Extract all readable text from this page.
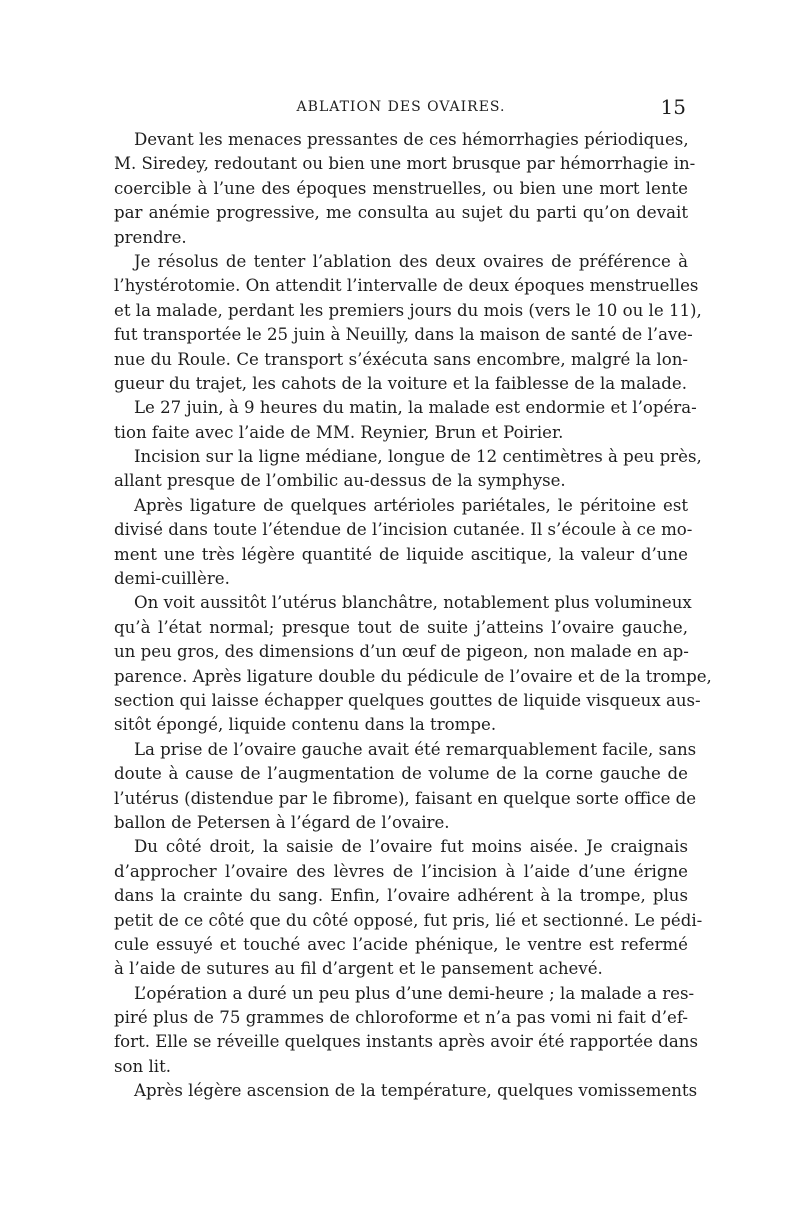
ABLATION DES OVAIRES.	15
Devant les menaces pressantes de ces hémorrhagies périodiques,
M. Siredey, redoutant ou bien une mort brusque par hémorrhagie in-
coercible à l’une des époques menstruelles, ou bien une mort lente
par anémie progressive, me consulta au sujet du parti qu’on devait
prendre.
Je résolus de tenter l’ablation des deux ovaires de préférence à
l’hystérotomie. On attendit l’intervalle de deux époques menstruelles
et la malade, perdant les premiers jours du mois (vers le 10 ou le 11),
fut transportée le 25 juin à Neuilly, dans la maison de santé de l’ave-
nue du Roule. Ce transport s’éxécuta sans encombre, malgré la lon-
gueur du trajet, les cahots de la voiture et la faiblesse de la malade.
Le 27 juin, à 9 heures du matin, la malade est endormie et l’opéra-
tion faite avec l’aide de MM. Reynier, Brun et Poirier.
Incision sur la ligne médiane, longue de 12 centimètres à peu près,
allant presque de l’ombilic au-dessus de la symphyse.
Après ligature de quelques artérioles pariétales, le péritoine est
divisé dans toute l’étendue de l’incision cutanée. Il s’écoule à ce mo-
ment une très légère quantité de liquide ascitique, la valeur d’une
demi-cuillère.
On voit aussitôt l’utérus blanchâtre, notablement plus volumineux
qu’à l’état normal; presque tout de suite j’atteins l’ovaire gauche,
un peu gros, des dimensions d’un œuf de pigeon, non malade en ap-
parence. Après ligature double du pédicule de l’ovaire et de la trompe,
section qui laisse échapper quelques gouttes de liquide visqueux aus-
sitôt épongé, liquide contenu dans la trompe.
La prise de l’ovaire gauche avait été remarquablement facile, sans
doute à cause de l’augmentation de volume de la corne gauche de
l’utérus (distendue par le fibrome), faisant en quelque sorte office de
ballon de Petersen à l’égard de l’ovaire.
Du côté droit, la saisie de l’ovaire fut moins aisée. Je craignais
d’approcher l’ovaire des lèvres de l’incision à l’aide d’une érigne
dans la crainte du sang. Enfin, l’ovaire adhérent à la trompe, plus
petit de ce côté que du côté opposé, fut pris, lié et sectionné. Le pédi-
cule essuyé et touché avec l’acide phénique, le ventre est refermé
à l’aide de sutures au fil d’argent et le pansement achevé.
L’opération a duré un peu plus d’une demi-heure ; la malade a res-
piré plus de 75 grammes de chloroforme et n’a pas vomi ni fait d’ef-
fort. Elle se réveille quelques instants après avoir été rapportée dans
son lit.
Après légère ascension de la température, quelques vomissements
